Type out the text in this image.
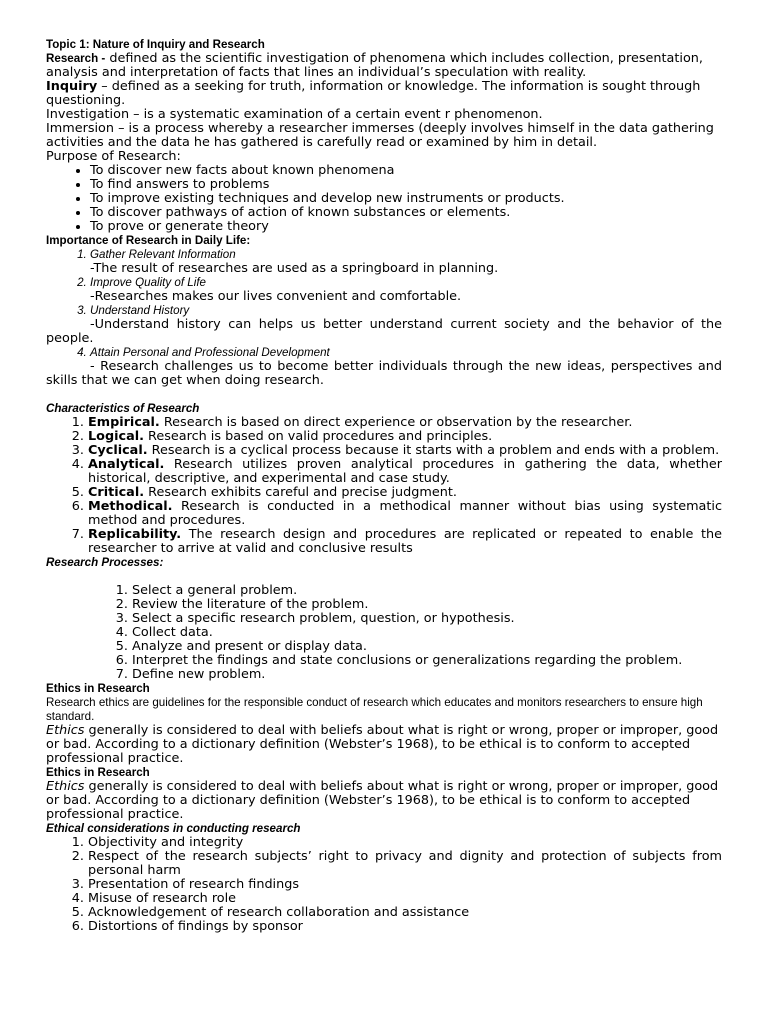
Topic 1: Nature of Inquiry and Research

Research - defined as the scientific investigation of phenomena which includes collection, presentation, analysis and interpretation of facts that lines an individual’s speculation with reality.

Inquiry – defined as a seeking for truth, information or knowledge. The information is sought through questioning.

Investigation – is a systematic examination of a certain event r phenomenon.

Immersion – is a process whereby a researcher immerses (deeply involves himself in the data gathering activities and the data he has gathered is carefully read or examined by him in detail.

Purpose of Research:

• To discover new facts about known phenomena
• To find answers to problems
• To improve existing techniques and develop new instruments or products.
• To discover pathways of action of known substances or elements.
• To prove or generate theory

Importance of Research in Daily Life:

1. Gather Relevant Information

-The result of researches are used as a springboard in planning.

2. Improve Quality of Life

-Researches makes our lives convenient and comfortable.

3. Understand History

-Understand history can helps us better understand current society and the behavior of the people.

4. Attain Personal and Professional Development

- Research challenges us to become better individuals through the new ideas, perspectives and skills that we can get when doing research.

Characteristics of Research

1. Empirical. Research is based on direct experience or observation by the researcher.
2. Logical. Research is based on valid procedures and principles.
3. Cyclical. Research is a cyclical process because it starts with a problem and ends with a problem.
4. Analytical. Research utilizes proven analytical procedures in gathering the data, whether historical, descriptive, and experimental and case study.
5. Critical. Research exhibits careful and precise judgment.
6. Methodical. Research is conducted in a methodical manner without bias using systematic method and procedures.
7. Replicability. The research design and procedures are replicated or repeated to enable the researcher to arrive at valid and conclusive results

Research Processes:

1. Select a general problem.
2. Review the literature of the problem.
3. Select a specific research problem, question, or hypothesis.
4. Collect data.
5. Analyze and present or display data.
6. Interpret the findings and state conclusions or generalizations regarding the problem.
7. Define new problem.

Ethics in Research

Research ethics are guidelines for the responsible conduct of research which educates and monitors researchers to ensure high standard.

Ethics generally is considered to deal with beliefs about what is right or wrong, proper or improper, good or bad. According to a dictionary definition (Webster’s 1968), to be ethical is to conform to accepted professional practice.

Ethics in Research

Ethics generally is considered to deal with beliefs about what is right or wrong, proper or improper, good or bad. According to a dictionary definition (Webster’s 1968), to be ethical is to conform to accepted professional practice.

Ethical considerations in conducting research

1. Objectivity and integrity
2. Respect of the research subjects’ right to privacy and dignity and protection of subjects from personal harm
3. Presentation of research findings
4. Misuse of research role
5. Acknowledgement of research collaboration and assistance
6. Distortions of findings by sponsor
